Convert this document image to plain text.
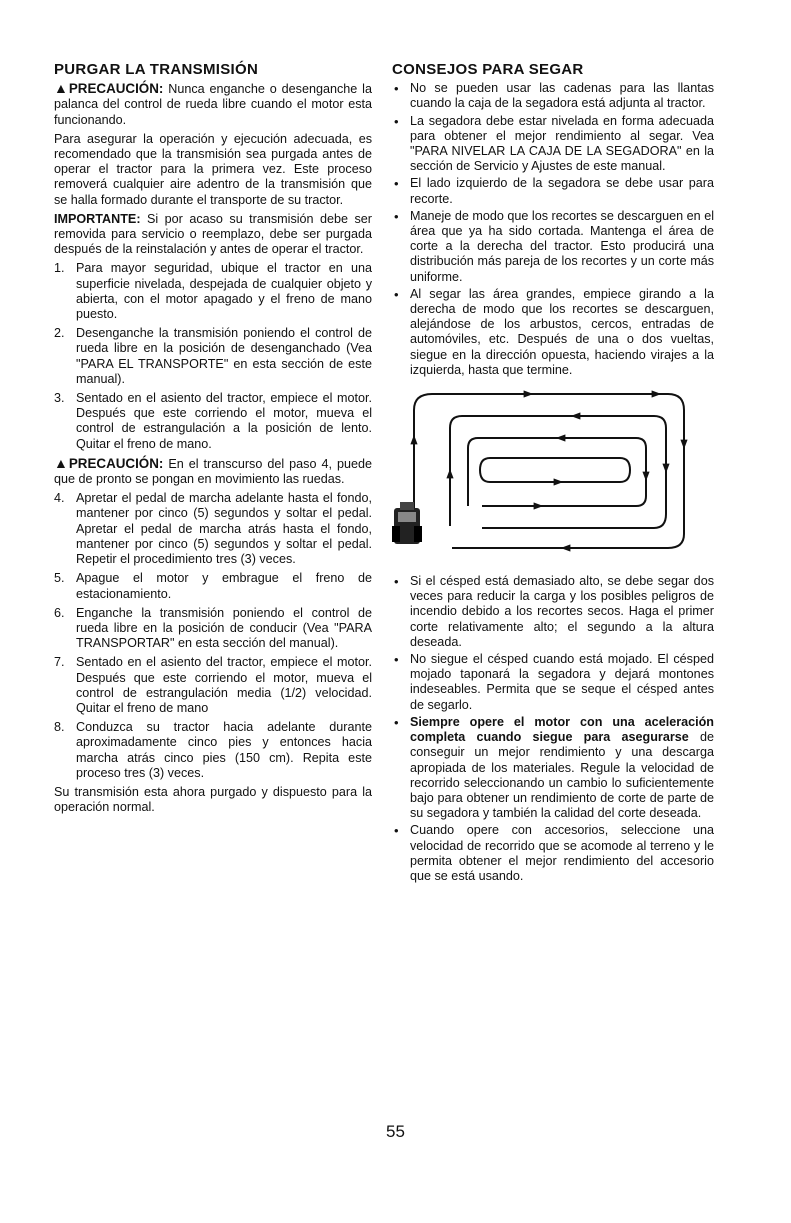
PURGAR LA TRANSMISIÓN
▲PRECAUCIÓN: Nunca enganche o desenganche la palanca del control de rueda libre cuando el motor esta funcionando.

Para asegurar la operación y ejecución adecuada, es recomendado que la transmisión sea purgada antes de operar el tractor para la primera vez. Este proceso removerá cualquier aire adentro de la transmisión que se halla formado durante el transporte de su tractor.

IMPORTANTE: Si por acaso su transmisión debe ser removida para servicio o reemplazo, debe ser purgada después de la reinstalación y antes de operar el tractor.

1. Para mayor seguridad, ubique el tractor en una superficie nivelada, despejada de cualquier objeto y abierta, con el motor apagado y el freno de mano puesto.
2. Desenganche la transmisión poniendo el control de rueda libre en la posición de desenganchado (Vea "PARA EL TRANSPORTE" en esta sección de este manual).
3. Sentado en el asiento del tractor, empiece el motor. Después que este corriendo el motor, mueva el control de estrangulación a la posición de lento. Quitar el freno de mano.
▲PRECAUCIÓN: En el transcurso del paso 4, puede que de pronto se pongan en movimiento las ruedas.
4. Apretar el pedal de marcha adelante hasta el fondo, mantener por cinco (5) segundos y soltar el pedal. Apretar el pedal de marcha atrás hasta el fondo, mantener por cinco (5) segundos y soltar el pedal. Repetir el procedimiento tres (3) veces.
5. Apague el motor y embrague el freno de estacionamiento.
6. Enganche la transmisión poniendo el control de rueda libre en la posición de conducir (Vea "PARA TRANSPORTAR" en esta sección del manual).
7. Sentado en el asiento del tractor, empiece el motor. Después que este corriendo el motor, mueva el control de estrangulación media (1/2) velocidad. Quitar el freno de mano
8. Conduzca su tractor hacia adelante durante aproximadamente cinco pies y entonces hacia marcha atrás cinco pies (150 cm). Repita este proceso tres (3) veces.

Su transmisión esta ahora purgado y dispuesto para la operación normal.

CONSEJOS PARA SEGAR
• No se pueden usar las cadenas para las llantas cuando la caja de la segadora está adjunta al tractor.
• La segadora debe estar nivelada en forma adecuada para obtener el mejor rendimiento al segar. Vea "PARA NIVELAR LA CAJA DE LA SEGADORA" en la sección de Servicio y Ajustes de este manual.
• El lado izquierdo de la segadora se debe usar para recorte.
• Maneje de modo que los recortes se descarguen en el área que ya ha sido cortada. Mantenga el área de corte a la derecha del tractor. Esto producirá una distribución más pareja de los recortes y un corte más uniforme.
• Al segar las área grandes, empiece girando a la derecha de modo que los recortes se descarguen, alejándose de los arbustos, cercos, entradas de automóviles, etc. Después de una o dos vueltas, siegue en la dirección opuesta, haciendo virajes a la izquierda, hasta que termine.
• Si el césped está demasiado alto, se debe segar dos veces para reducir la carga y los posibles peligros de incendio debido a los recortes secos. Haga el primer corte relativamente alto; el segundo a la altura deseada.
• No siegue el césped cuando está mojado. El césped mojado taponará la segadora y dejará montones indeseables. Permita que se seque el césped antes de segarlo.
• Siempre opere el motor con una aceleración completa cuando siegue para asegurarse de conseguir un mejor rendimiento y una descarga apropiada de los materiales. Regule la velocidad de recorrido seleccionando un cambio lo suficientemente bajo para obtener un rendimiento de corte de parte de su segadora y también la calidad del corte deseada.
• Cuando opere con accesorios, seleccione una velocidad de recorrido que se acomode al terreno y le permita obtener el mejor rendimiento del accesorio que se está usando.
55
